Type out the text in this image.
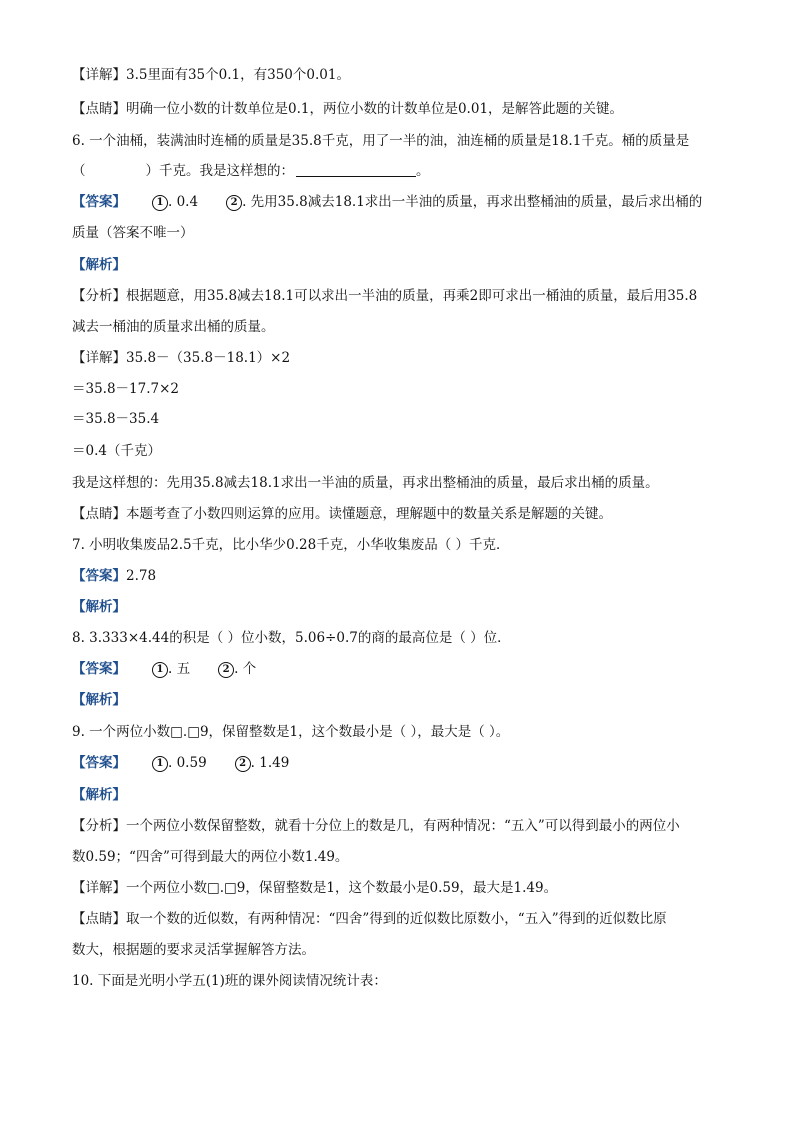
【详解】3.5里面有35个0.1，有350个0.01。
【点睛】明确一位小数的计数单位是0.1，两位小数的计数单位是0.01，是解答此题的关键。
6. 一个油桶，装满油时连桶的质量是35.8千克，用了一半的油，油连桶的质量是18.1千克。桶的质量是
（	）千克。我是这样想的：	。
【答案】	1 . 0.4	2 . 先用35.8减去18.1求出一半油的质量，再求出整桶油的质量，最后求出桶的
质量（答案不唯一）
【解析】
【分析】根据题意，用35.8减去18.1可以求出一半油的质量，再乘2即可求出一桶油的质量，最后用35.8
减去一桶油的质量求出桶的质量。
【详解】35.8－（35.8－18.1）×2
＝35.8－17.7×2
＝35.8－35.4
＝0.4（千克）
我是这样想的：先用35.8减去18.1求出一半油的质量，再求出整桶油的质量，最后求出桶的质量。
【点睛】本题考查了小数四则运算的应用。读懂题意，理解题中的数量关系是解题的关键。
7. 小明收集废品2.5千克，比小华少0.28千克，小华收集废品（ ）千克．
【答案】2.78
【解析】
8. 3.333×4.44的积是（ ）位小数，5.06÷0.7的商的最高位是（ ）位．
【答案】	1 . 五	2 . 个
【解析】
9. 一个两位小数□.□9，保留整数是1，这个数最小是（ ），最大是（ ）。
【答案】	1 . 0.59	2 . 1.49
【解析】
【分析】一个两位小数保留整数，就看十分位上的数是几，有两种情况：“五入”可以得到最小的两位小
数0.59；“四舍”可得到最大的两位小数1.49。
【详解】一个两位小数□.□9，保留整数是1，这个数最小是0.59，最大是1.49。
【点睛】取一个数的近似数，有两种情况：“四舍”得到的近似数比原数小，“五入”得到的近似数比原
数大，根据题的要求灵活掌握解答方法。
10. 下面是光明小学五(1)班的课外阅读情况统计表：
